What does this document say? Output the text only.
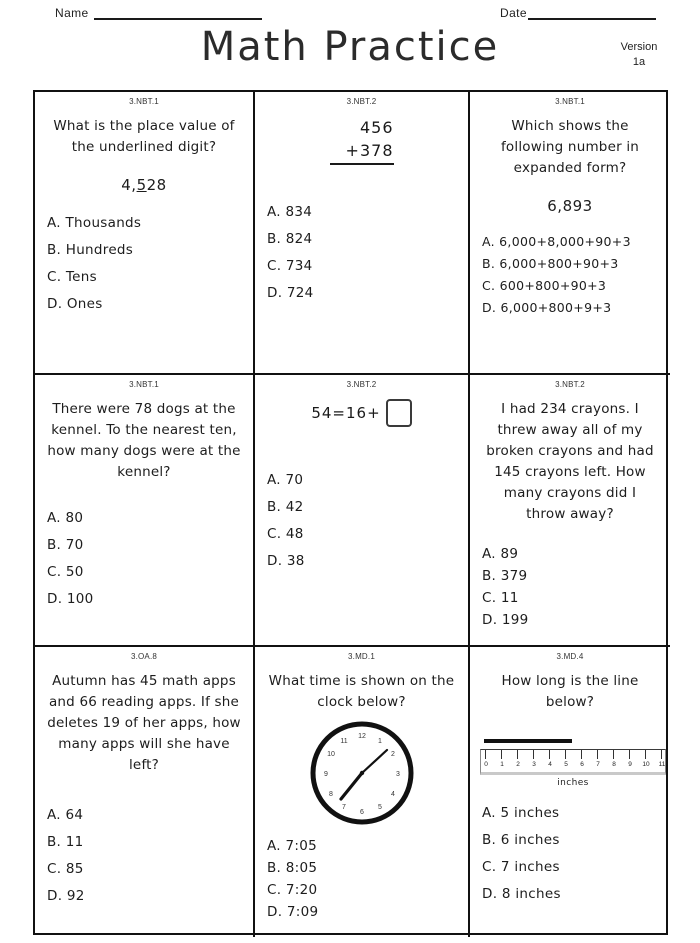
Name	Date
Math Practice	Version
1a
3.NBT.1
What is the place value of the underlined digit?
4,528
A. Thousands
B. Hundreds
C. Tens
D. Ones
3.NBT.2
456
+378
A. 834
B. 824
C. 734
D. 724
3.NBT.1
Which shows the following number in expanded form?
6,893
A. 6,000+8,000+90+3
B. 6,000+800+90+3
C. 600+800+90+3
D. 6,000+800+9+3
3.NBT.1
There were 78 dogs at the kennel. To the nearest ten, how many dogs were at the kennel?
A. 80
B. 70
C. 50
D. 100
3.NBT.2
54=16+
A. 70
B. 42
C. 48
D. 38
3.NBT.2
I had 234 crayons. I threw away all of my broken crayons and had 145 crayons left. How many crayons did I throw away?
A. 89
B. 379
C. 11
D. 199
3.OA.8
Autumn has 45 math apps and 66 reading apps. If she deletes 19 of her apps, how many apps will she have left?
A. 64
B. 11
C. 85
D. 92
3.MD.1
What time is shown on the clock below?
12
1
2
3
4
5
6
7
8
9
10
11
A. 7:05
B. 8:05
C. 7:20
D. 7:09
3.MD.4
How long is the line below?
0 1 2 3 4 5 6 7 8 9 10 11
inches
A. 5 inches
B. 6 inches
C. 7 inches
D. 8 inches
